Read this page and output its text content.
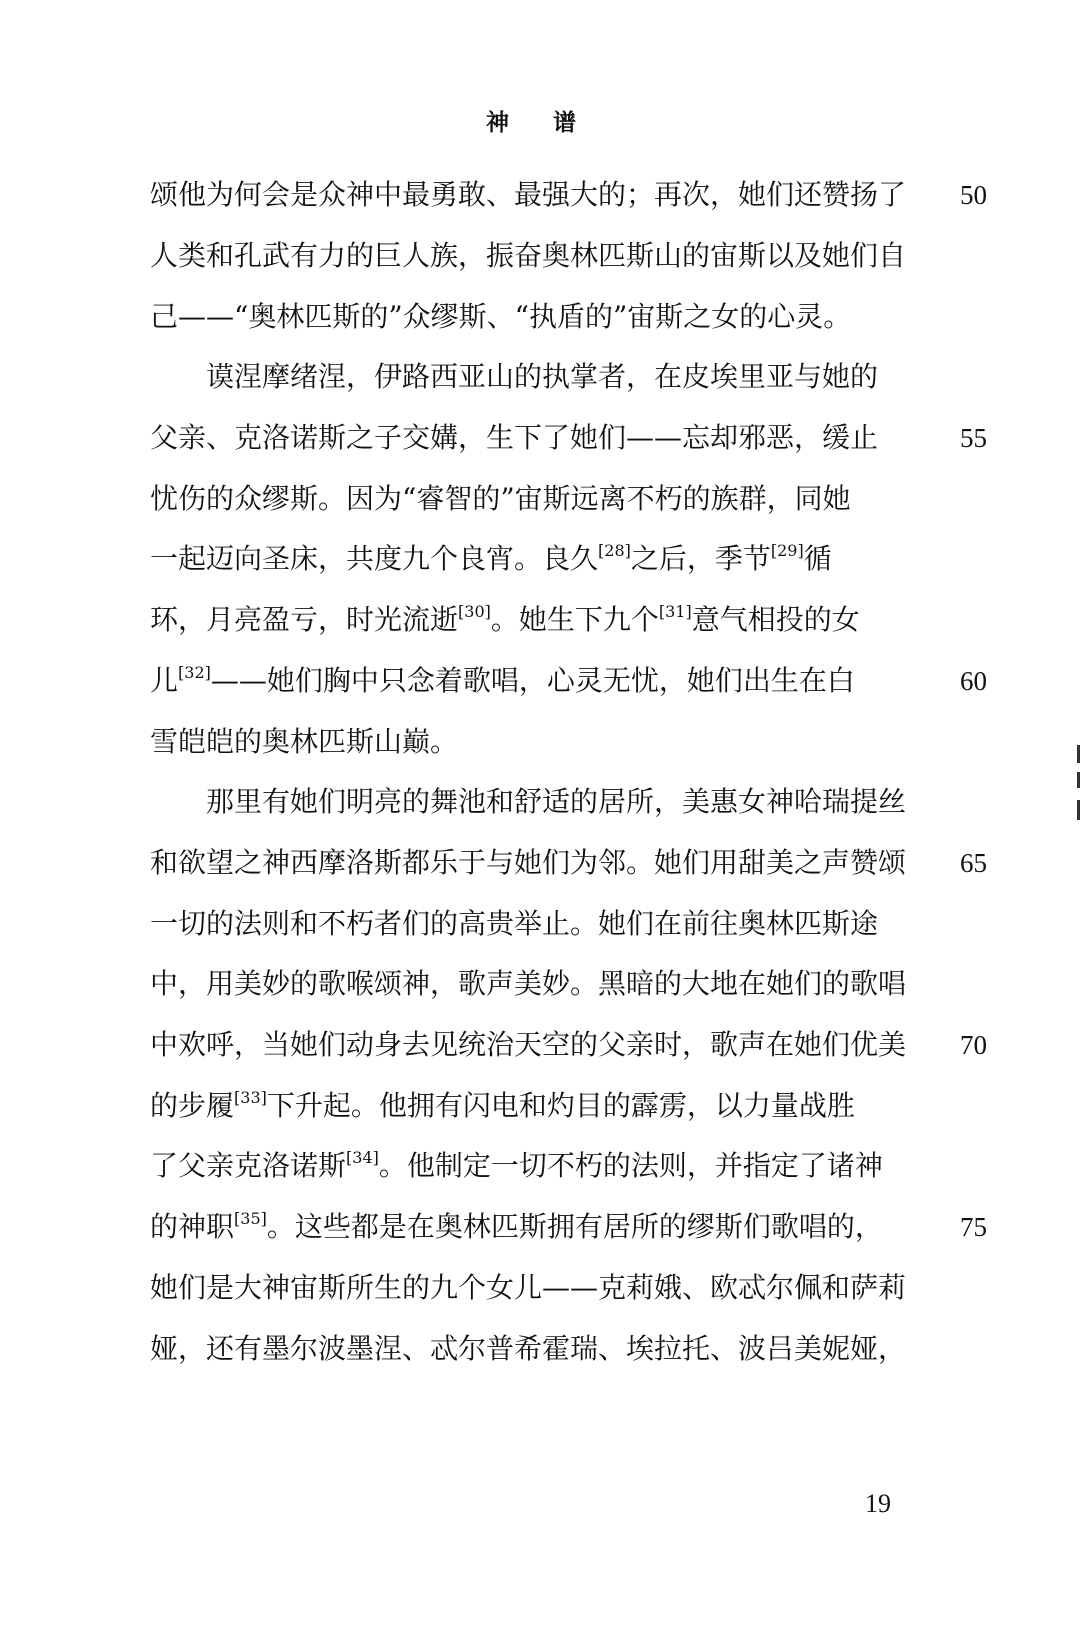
神 谱
颂他为何会是众神中最勇敢、最强大的；再次，她们还赞扬了
人类和孔武有力的巨人族，振奋奥林匹斯山的宙斯以及她们自
己——“奥林匹斯的”众缪斯、“执盾的”宙斯之女的心灵。
谟涅摩绪涅，伊路西亚山的执掌者，在皮埃里亚与她的
父亲、克洛诺斯之子交媾，生下了她们——忘却邪恶，缓止
忧伤的众缪斯。因为“睿智的”宙斯远离不朽的族群，同她
一起迈向圣床，共度九个良宵。良久[28]之后，季节[29]循
环，月亮盈亏，时光流逝[30]。她生下九个[31]意气相投的女
儿[32]——她们胸中只念着歌唱，心灵无忧，她们出生在白
雪皑皑的奥林匹斯山巅。
那里有她们明亮的舞池和舒适的居所，美惠女神哈瑞提丝
和欲望之神西摩洛斯都乐于与她们为邻。她们用甜美之声赞颂
一切的法则和不朽者们的高贵举止。她们在前往奥林匹斯途
中，用美妙的歌喉颂神，歌声美妙。黑暗的大地在她们的歌唱
中欢呼，当她们动身去见统治天空的父亲时，歌声在她们优美
的步履[33]下升起。他拥有闪电和灼目的霹雳，以力量战胜
了父亲克洛诺斯[34]。他制定一切不朽的法则，并指定了诸神
的神职[35]。这些都是在奥林匹斯拥有居所的缪斯们歌唱的，
她们是大神宙斯所生的九个女儿——克莉娥、欧忒尔佩和萨莉
娅，还有墨尔波墨涅、忒尔普希霍瑞、埃拉托、波吕美妮娅，
50
55
60
65
70
75
19
